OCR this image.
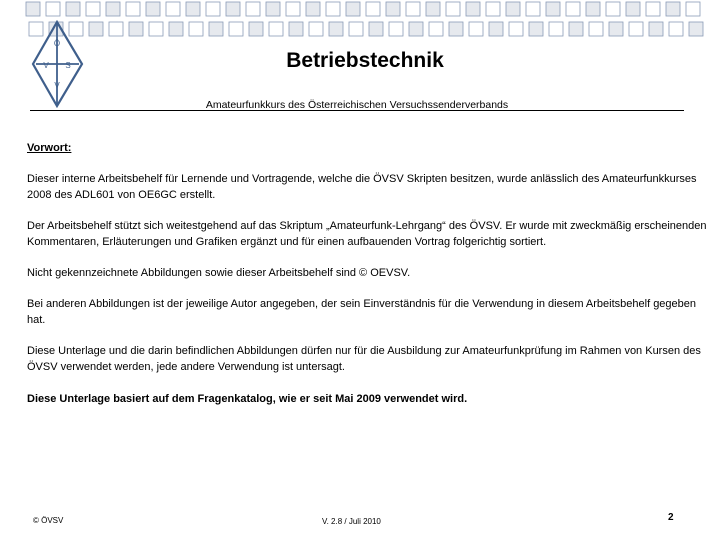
Ö
V S
V
Betriebstechnik
Amateurfunkkurs des Österreichischen Versuchssenderverbands

Vorwort:

Dieser interne Arbeitsbehelf für Lernende und Vortragende, welche die ÖVSV Skripten besitzen, wurde anlässlich des Amateurfunkkurses 2008 des ADL601 von OE6GC erstellt.

Der Arbeitsbehelf stützt sich weitestgehend auf das Skriptum „Amateurfunk-Lehrgang“ des ÖVSV. Er wurde mit zweckmäßig erscheinenden Kommentaren, Erläuterungen und Grafiken ergänzt und für einen aufbauenden Vortrag folgerichtig sortiert.

Nicht gekennzeichnete Abbildungen sowie dieser Arbeitsbehelf sind © OEVSV.

Bei anderen Abbildungen ist der jeweilige Autor angegeben, der sein Einverständnis für die Verwendung in diesem Arbeitsbehelf gegeben hat.

Diese Unterlage und die darin befindlichen Abbildungen dürfen nur für die Ausbildung zur Amateurfunkprüfung im Rahmen von Kursen des ÖVSV verwendet werden, jede andere Verwendung ist untersagt.

Diese Unterlage basiert auf dem Fragenkatalog, wie er seit Mai 2009 verwendet wird.

© ÖVSV	V. 2.8 / Juli 2010	2
